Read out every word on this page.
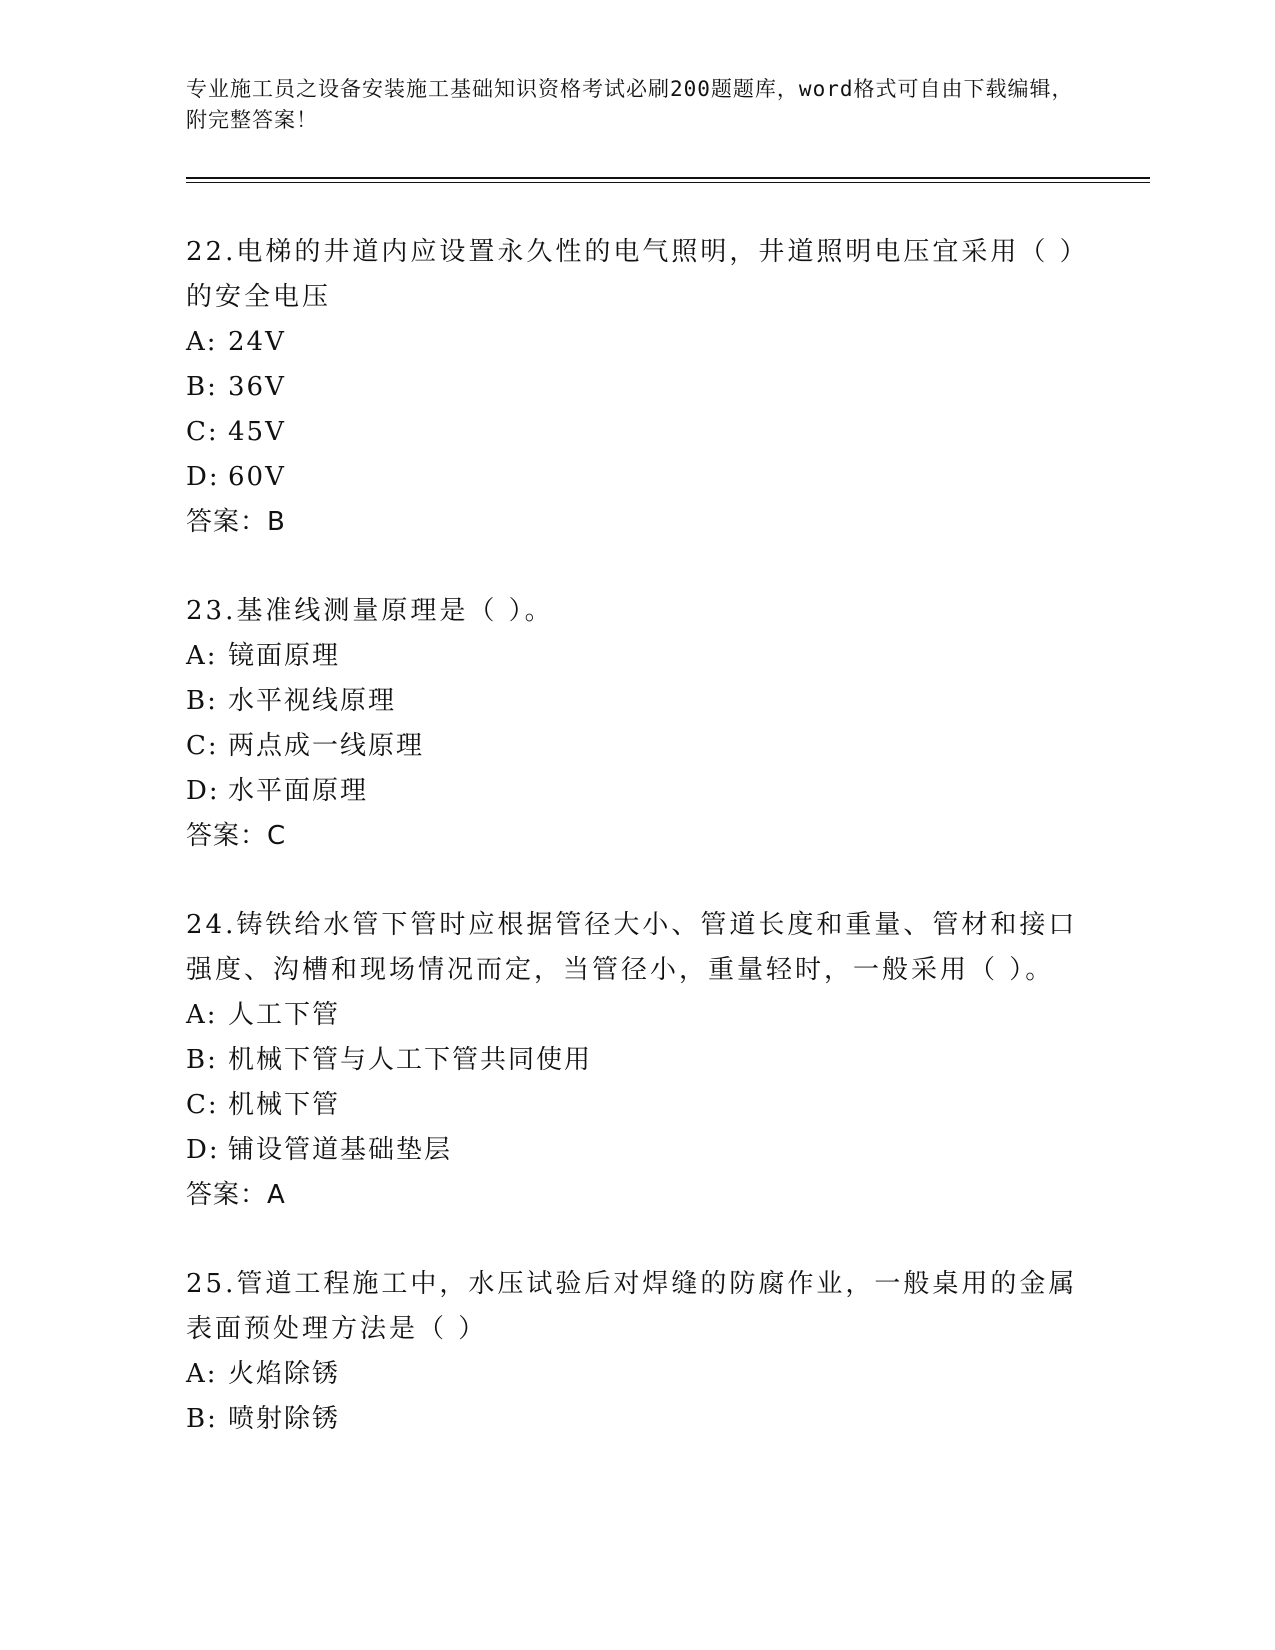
专业施工员之设备安装施工基础知识资格考试必刷200题题库，word格式可自由下载编辑，附完整答案！

22.电梯的井道内应设置永久性的电气照明，井道照明电压宜采用（ ）的安全电压

A: 24V
B: 36V
C: 45V
D: 60V
答案：B

23.基准线测量原理是（ ）。

A: 镜面原理
B: 水平视线原理
C: 两点成一线原理
D: 水平面原理
答案：C

24.铸铁给水管下管时应根据管径大小、管道长度和重量、管材和接口强度、沟槽和现场情况而定，当管径小，重量轻时，一般采用（ ）。

A: 人工下管
B: 机械下管与人工下管共同使用
C: 机械下管
D: 铺设管道基础垫层
答案：A

25.管道工程施工中，水压试验后对焊缝的防腐作业，一般桌用的金属表面预处理方法是（ ）

A: 火焰除锈
B: 喷射除锈
